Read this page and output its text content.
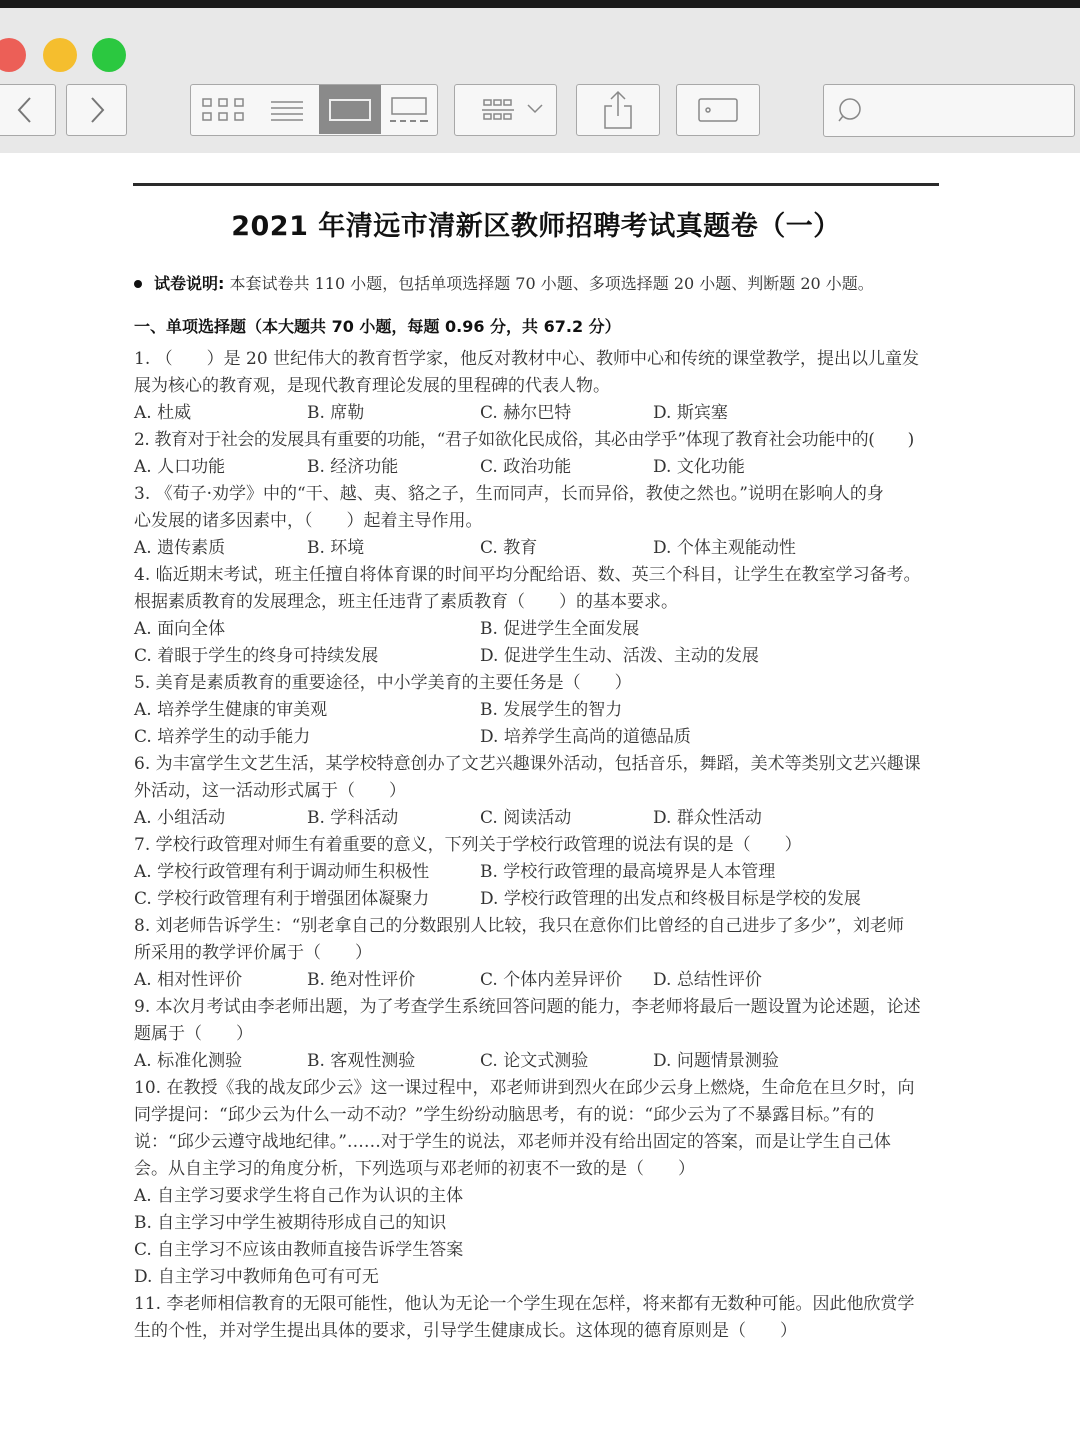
2021 年清远市清新区教师招聘考试真题卷（一）
试卷说明: 本套试卷共 110 小题，包括单项选择题 70 小题、多项选择题 20 小题、判断题 20 小题。
一、单项选择题（本大题共 70 小题，每题 0.96 分，共 67.2 分）
1. （　　）是 20 世纪伟大的教育哲学家，他反对教材中心、教师中心和传统的课堂教学，提出以儿童发
展为核心的教育观，是现代教育理论发展的里程碑的代表人物。
A. 杜威	B. 席勒	C. 赫尔巴特	D. 斯宾塞
2. 教育对于社会的发展具有重要的功能，“君子如欲化民成俗，其必由学乎”体现了教育社会功能中的(　　)
A. 人口功能	B. 经济功能	C. 政治功能	D. 文化功能
3. 《荀子·劝学》中的“干、越、夷、貉之子，生而同声，长而异俗，教使之然也。”说明在影响人的身
心发展的诸多因素中，（　　）起着主导作用。
A. 遗传素质	B. 环境	C. 教育	D. 个体主观能动性
4. 临近期末考试，班主任擅自将体育课的时间平均分配给语、数、英三个科目，让学生在教室学习备考。
根据素质教育的发展理念，班主任违背了素质教育（　　）的基本要求。
A. 面向全体	B. 促进学生全面发展
C. 着眼于学生的终身可持续发展	D. 促进学生生动、活泼、主动的发展
5. 美育是素质教育的重要途径，中小学美育的主要任务是（　　）
A. 培养学生健康的审美观	B. 发展学生的智力
C. 培养学生的动手能力	D. 培养学生高尚的道德品质
6. 为丰富学生文艺生活，某学校特意创办了文艺兴趣课外活动，包括音乐，舞蹈，美术等类别文艺兴趣课
外活动，这一活动形式属于（　　）
A. 小组活动	B. 学科活动	C. 阅读活动	D. 群众性活动
7. 学校行政管理对师生有着重要的意义，下列关于学校行政管理的说法有误的是（　　）
A. 学校行政管理有利于调动师生积极性	B. 学校行政管理的最高境界是人本管理
C. 学校行政管理有利于增强团体凝聚力	D. 学校行政管理的出发点和终极目标是学校的发展
8. 刘老师告诉学生：“别老拿自己的分数跟别人比较，我只在意你们比曾经的自己进步了多少”，刘老师
所采用的教学评价属于（　　）
A. 相对性评价	B. 绝对性评价	C. 个体内差异评价 D. 总结性评价
9. 本次月考试由李老师出题，为了考查学生系统回答问题的能力，李老师将最后一题设置为论述题，论述
题属于（　　）
A. 标准化测验	B. 客观性测验	C. 论文式测验	D. 问题情景测验
10. 在教授《我的战友邱少云》这一课过程中，邓老师讲到烈火在邱少云身上燃烧，生命危在旦夕时，向
同学提问：“邱少云为什么一动不动？”学生纷纷动脑思考，有的说：“邱少云为了不暴露目标。”有的
说：“邱少云遵守战地纪律。”……对于学生的说法，邓老师并没有给出固定的答案，而是让学生自己体
会。从自主学习的角度分析，下列选项与邓老师的初衷不一致的是（　　）
A. 自主学习要求学生将自己作为认识的主体
B. 自主学习中学生被期待形成自己的知识
C. 自主学习不应该由教师直接告诉学生答案
D. 自主学习中教师角色可有可无
11. 李老师相信教育的无限可能性，他认为无论一个学生现在怎样，将来都有无数种可能。因此他欣赏学
生的个性，并对学生提出具体的要求，引导学生健康成长。这体现的德育原则是（　　）
